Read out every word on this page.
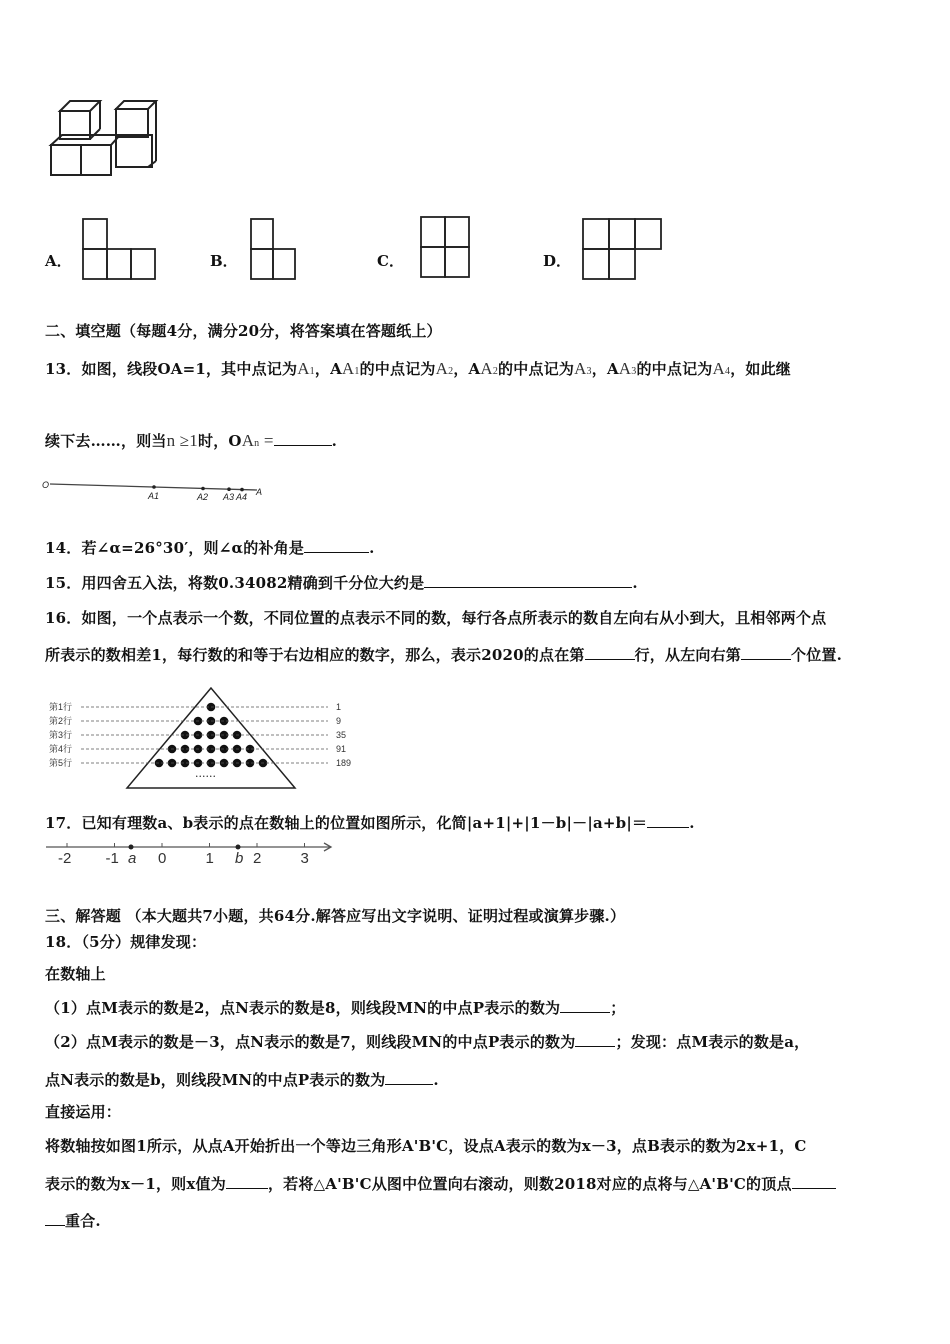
A．	B．	C．	D．
二、填空题（每题4分，满分20分，将答案填在答题纸上）
13．如图，线段OA=1，其中点记为A1，AA1的中点记为A2，AA2的中点记为A3，AA3的中点记为A4，如此继
续下去……，则当n ≥1时，OAn =	.
O
A1	A2 A3 A4 A
14．若∠α=26°30′，则∠α的补角是	.
15．用四舍五入法，将数0.34082精确到千分位大约是	.
16．如图，一个点表示一个数，不同位置的点表示不同的数，每行各点所表示的数自左向右从小到大，且相邻两个点
所表示的数相差1，每行数的和等于右边相应的数字，那么，表示2020的点在第	行，从左向右第	个位置.
第1行	1
第2行	9
第3行	35
第4行	91
第5行	189
······
17．已知有理数a、b表示的点在数轴上的位置如图所示，化简|a+1|+|1－b|－|a+b|＝	.
-2 -1	0	1	2	3
a	b
三、解答题 （本大题共7小题，共64分.解答应写出文字说明、证明过程或演算步骤.）
18．（5分）规律发现：
在数轴上
（1）点M表示的数是2，点N表示的数是8，则线段MN的中点P表示的数为	；
（2）点M表示的数是－3，点N表示的数是7，则线段MN的中点P表示的数为	；发现：点M表示的数是a，
点N表示的数是b，则线段MN的中点P表示的数为	.
直接运用：
将数轴按如图1所示，从点A开始折出一个等边三角形A'B'C，设点A表示的数为x－3，点B表示的数为2x+1，C
表示的数为x－1，则x值为	，若将△A'B'C从图中位置向右滚动，则数2018对应的点将与△A'B'C的顶点
重合.
